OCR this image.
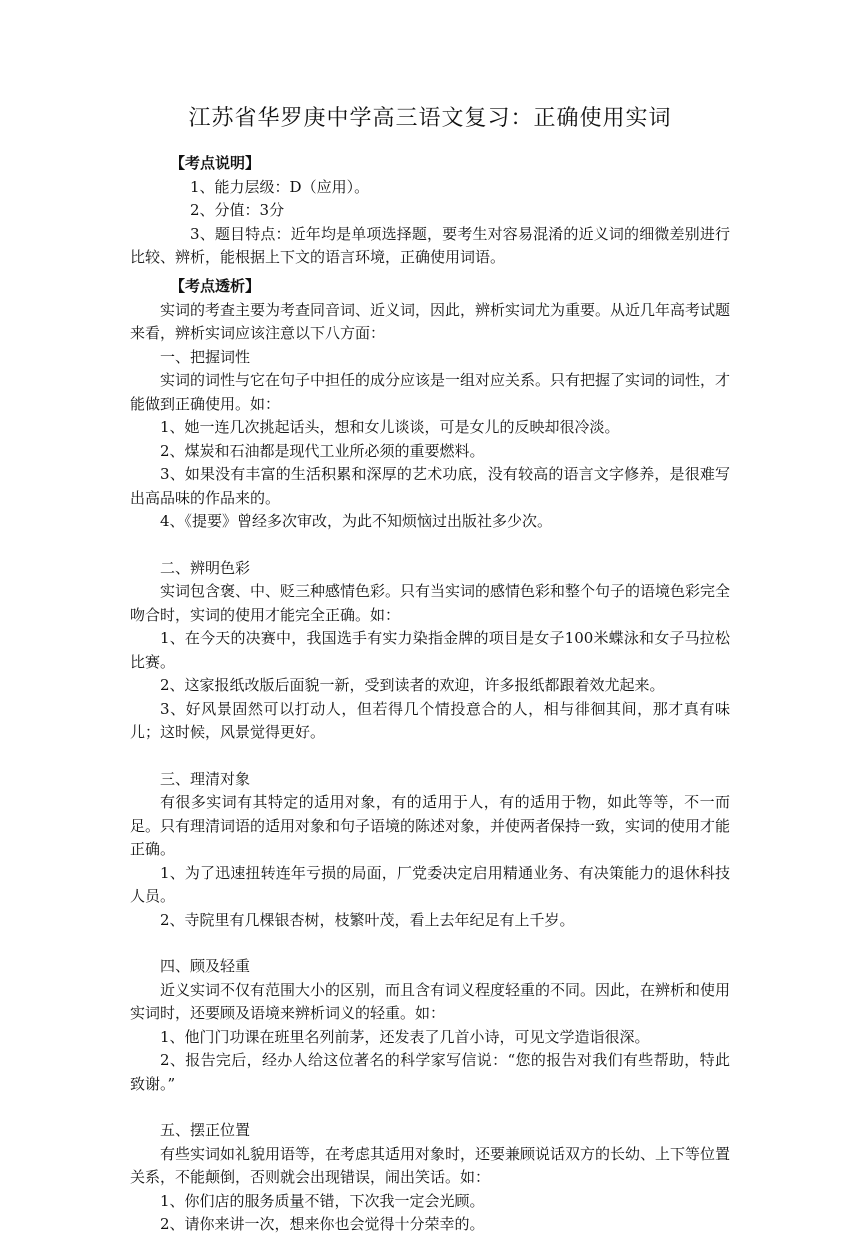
江苏省华罗庚中学高三语文复习：正确使用实词

【考点说明】

1、能力层级：D（应用）。

2、分值：3分

3、题目特点：近年均是单项选择题，要考生对容易混淆的近义词的细微差别进行比较、辨析，能根据上下文的语言环境，正确使用词语。

【考点透析】

实词的考查主要为考查同音词、近义词，因此，辨析实词尤为重要。从近几年高考试题来看，辨析实词应该注意以下八方面：

一、把握词性

实词的词性与它在句子中担任的成分应该是一组对应关系。只有把握了实词的词性，才能做到正确使用。如：

1、她一连几次挑起话头，想和女儿谈谈，可是女儿的反映却很冷淡。

2、煤炭和石油都是现代工业所必须的重要燃料。

3、如果没有丰富的生活积累和深厚的艺术功底，没有较高的语言文字修养，是很难写出高品味的作品来的。

4、《提要》曾经多次审改，为此不知烦恼过出版社多少次。

二、辨明色彩

实词包含褒、中、贬三种感情色彩。只有当实词的感情色彩和整个句子的语境色彩完全吻合时，实词的使用才能完全正确。如：

1、在今天的决赛中，我国选手有实力染指金牌的项目是女子100米蝶泳和女子马拉松比赛。

2、这家报纸改版后面貌一新，受到读者的欢迎，许多报纸都跟着效尤起来。

3、好风景固然可以打动人，但若得几个情投意合的人，相与徘徊其间，那才真有味儿；这时候，风景觉得更好。

三、理清对象

有很多实词有其特定的适用对象，有的适用于人，有的适用于物，如此等等，不一而足。只有理清词语的适用对象和句子语境的陈述对象，并使两者保持一致，实词的使用才能正确。

1、为了迅速扭转连年亏损的局面，厂党委决定启用精通业务、有决策能力的退休科技人员。

2、寺院里有几棵银杏树，枝繁叶茂，看上去年纪足有上千岁。

四、顾及轻重

近义实词不仅有范围大小的区别，而且含有词义程度轻重的不同。因此，在辨析和使用实词时，还要顾及语境来辨析词义的轻重。如：

1、他门门功课在班里名列前茅，还发表了几首小诗，可见文学造诣很深。

2、报告完后，经办人给这位著名的科学家写信说：“您的报告对我们有些帮助，特此致谢。”

五、摆正位置

有些实词如礼貌用语等，在考虑其适用对象时，还要兼顾说话双方的长幼、上下等位置关系，不能颠倒，否则就会出现错误，闹出笑话。如：

1、你们店的服务质量不错，下次我一定会光顾。

2、请你来讲一次，想来你也会觉得十分荣幸的。
